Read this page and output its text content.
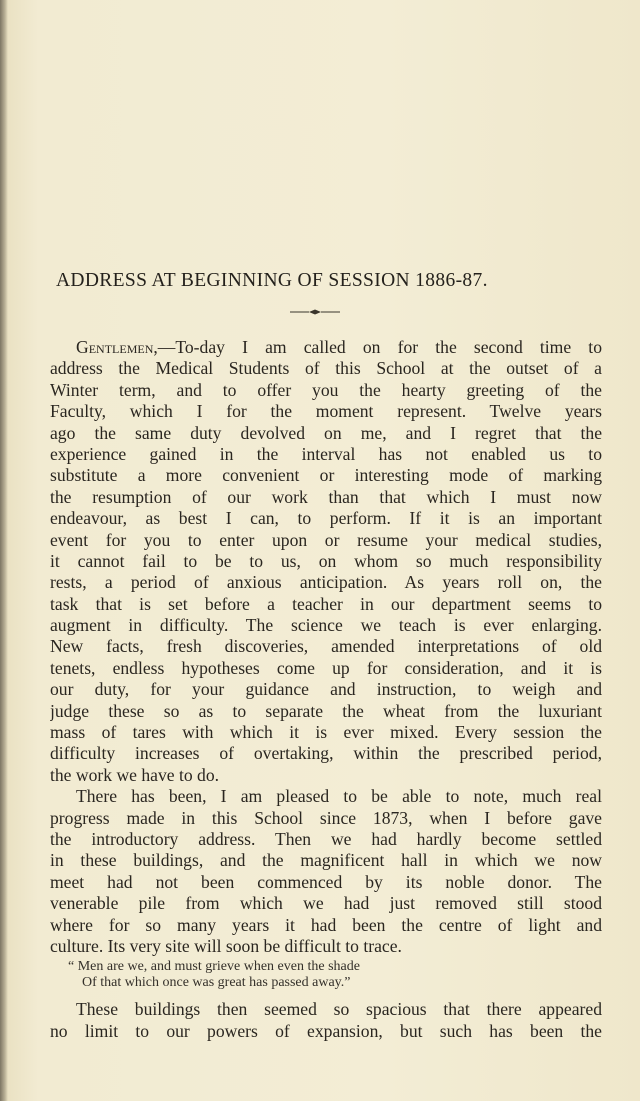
ADDRESS AT BEGINNING OF SESSION 1886-87.
Gentlemen,—To-day I am called on for the second time to
address the Medical Students of this School at the outset of a
Winter term, and to offer you the hearty greeting of the
Faculty, which I for the moment represent. Twelve years
ago the same duty devolved on me, and I regret that the
experience gained in the interval has not enabled us to
substitute a more convenient or interesting mode of marking
the resumption of our work than that which I must now
endeavour, as best I can, to perform. If it is an important
event for you to enter upon or resume your medical studies,
it cannot fail to be to us, on whom so much responsibility
rests, a period of anxious anticipation. As years roll on, the
task that is set before a teacher in our department seems to
augment in difficulty. The science we teach is ever enlarging.
New facts, fresh discoveries, amended interpretations of old
tenets, endless hypotheses come up for consideration, and it is
our duty, for your guidance and instruction, to weigh and
judge these so as to separate the wheat from the luxuriant
mass of tares with which it is ever mixed. Every session the
difficulty increases of overtaking, within the prescribed period,
the work we have to do.
There has been, I am pleased to be able to note, much real
progress made in this School since 1873, when I before gave
the introductory address. Then we had hardly become settled
in these buildings, and the magnificent hall in which we now
meet had not been commenced by its noble donor. The
venerable pile from which we had just removed still stood
where for so many years it had been the centre of light and
culture. Its very site will soon be difficult to trace.
“ Men are we, and must grieve when even the shade
Of that which once was great has passed away.”
These buildings then seemed so spacious that there appeared
no limit to our powers of expansion, but such has been the
